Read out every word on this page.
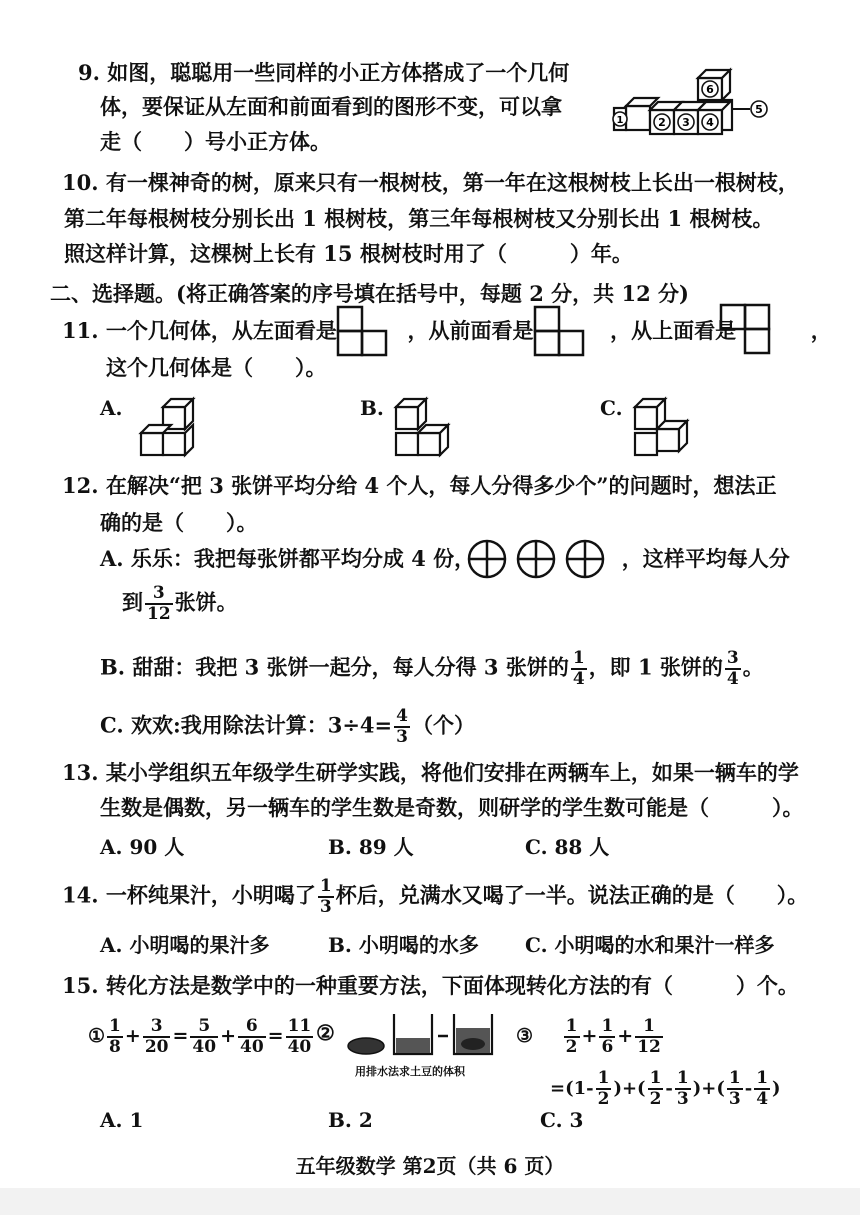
9. 如图，聪聪用一些同样的小正方体搭成了一个几何
体，要保证从左面和前面看到的图形不变，可以拿
走（　　）号小正方体。
1	2 3 4
6
5
10. 有一棵神奇的树，原来只有一根树枝，第一年在这根树枝上长出一根树枝，
第二年每根树枝分别长出 1 根树枝，第三年每根树枝又分别长出 1 根树枝。
照这样计算，这棵树上长有 15 根树枝时用了（　　　）年。
二、选择题。(将正确答案的序号填在括号中，每题 2 分，共 12 分)
11. 一个几何体，从左面看是	，从前面看是	，从上面看是	，
这个几何体是（　　）。
A.	B.	C.
12. 在解决“把 3 张饼平均分给 4 个人，每人分得多少个”的问题时，想法正
确的是（　　）。
A. 乐乐：我把每张饼都平均分成 4 份，	，这样平均每人分
到 $\frac{3}{12}$ 张饼。
B. 甜甜：我把 3 张饼一起分，每人分得 3 张饼的 $\frac{1}{4}$ ，即 1 张饼的 $\frac{3}{4}$ 。
C. 欢欢:我用除法计算：$3\div 4= \frac{4}{3}$ （个）
13. 某小学组织五年级学生研学实践，将他们安排在两辆车上，如果一辆车的学
生数是偶数，另一辆车的学生数是奇数，则研学的学生数可能是（　　　）。
A. 90 人	B. 89 人	C. 88 人
14. 一杯纯果汁，小明喝了 $\frac{1}{3}$ 杯后，兑满水又喝了一半。说法正确的是（　　）。
A. 小明喝的果汁多	B. 小明喝的水多 C. 小明喝的水和果汁一样多
15. 转化方法是数学中的一种重要方法，下面体现转化方法的有（　　　）个。
① $\frac{1}{8} + \frac{3}{20} = \frac{5}{40} + \frac{6}{40} = \frac{11}{40}$ ②
用排水法求土豆的体积
③ $\frac{1}{2} + \frac{1}{6} + \frac{1}{12}$
$=(1- \frac{1}{2}$ )+( $\frac{1}{2} - \frac{1}{3}$ )+( $\frac{1}{3} - \frac{1}{4}$ )
A. 1	B. 2	C. 3
五年级数学 第2页（共 6 页）
